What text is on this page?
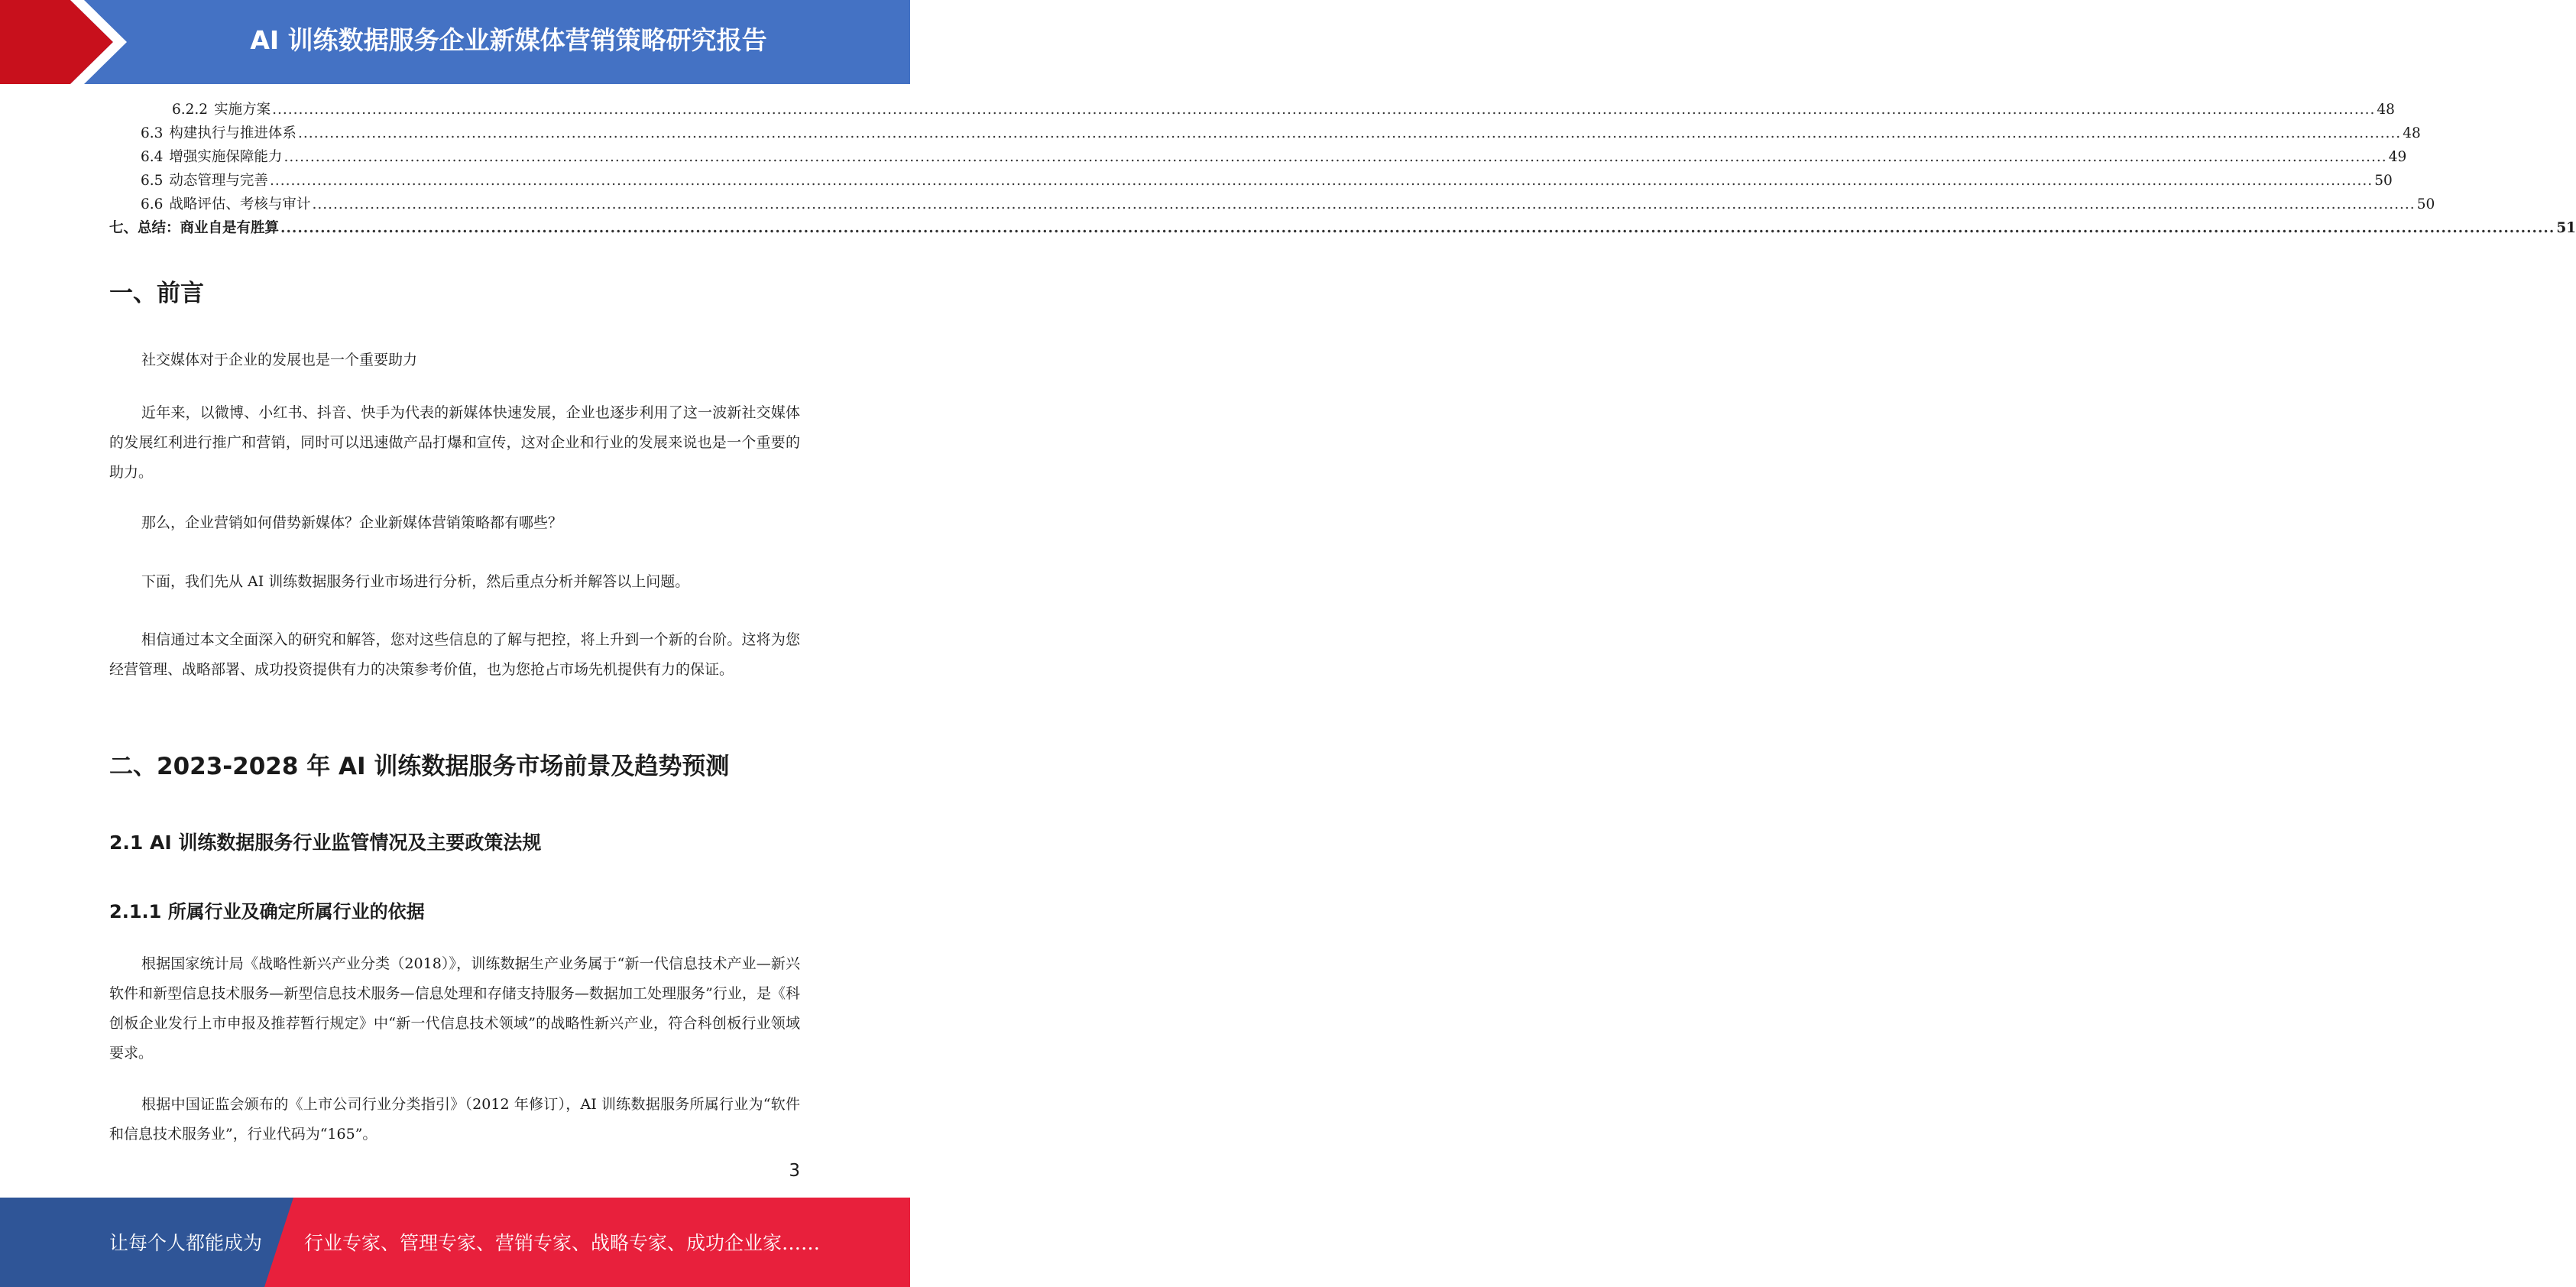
AI 训练数据服务企业新媒体营销策略研究报告
6.2.2 实施方案 ................................................................................................................................................................................................................................................................................................................................................................................................................ 48
6.3 构建执行与推进体系 ................................................................................................................................................................................................................................................................................................................................................................................................................ 48
6.4 增强实施保障能力 ................................................................................................................................................................................................................................................................................................................................................................................................................ 49
6.5 动态管理与完善 ................................................................................................................................................................................................................................................................................................................................................................................................................ 50
6.6 战略评估、考核与审计 ................................................................................................................................................................................................................................................................................................................................................................................................................ 50
七、 总结：商业自是有胜算 ................................................................................................................................................................................................................................................................................................................................................................................................................ 51
一、前言
社交媒体对于企业的发展也是一个重要助力
近年来，以微博、小红书、抖音、快手为代表的新媒体快速发展，企业也逐步利用了这一波新社交媒体的发展红利进行推广和营销，同时可以迅速做产品打爆和宣传，这对企业和行业的发展来说也是一个重要的助力。
那么，企业营销如何借势新媒体？企业新媒体营销策略都有哪些？
下面，我们先从 AI 训练数据服务行业市场进行分析，然后重点分析并解答以上问题。
相信通过本文全面深入的研究和解答，您对这些信息的了解与把控，将上升到一个新的台阶。这将为您经营管理、战略部署、成功投资提供有力的决策参考价值，也为您抢占市场先机提供有力的保证。
二、2023-2028 年 AI 训练数据服务市场前景及趋势预测
2.1 AI 训练数据服务行业监管情况及主要政策法规
2.1.1 所属行业及确定所属行业的依据
根据国家统计局《战略性新兴产业分类（2018）》，训练数据生产业务属于“新一代信息技术产业—新兴软件和新型信息技术服务—新型信息技术服务—信息处理和存储支持服务—数据加工处理服务”行业，是《科创板企业发行上市申报及推荐暂行规定》中“新一代信息技术领域”的战略性新兴产业，符合科创板行业领域要求。
根据中国证监会颁布的《上市公司行业分类指引》（2012 年修订），AI 训练数据服务所属行业为“软件和信息技术服务业”，行业代码为“165”。
3
让每个人都能成为 行业专家、管理专家、营销专家、战略专家、成功企业家……
